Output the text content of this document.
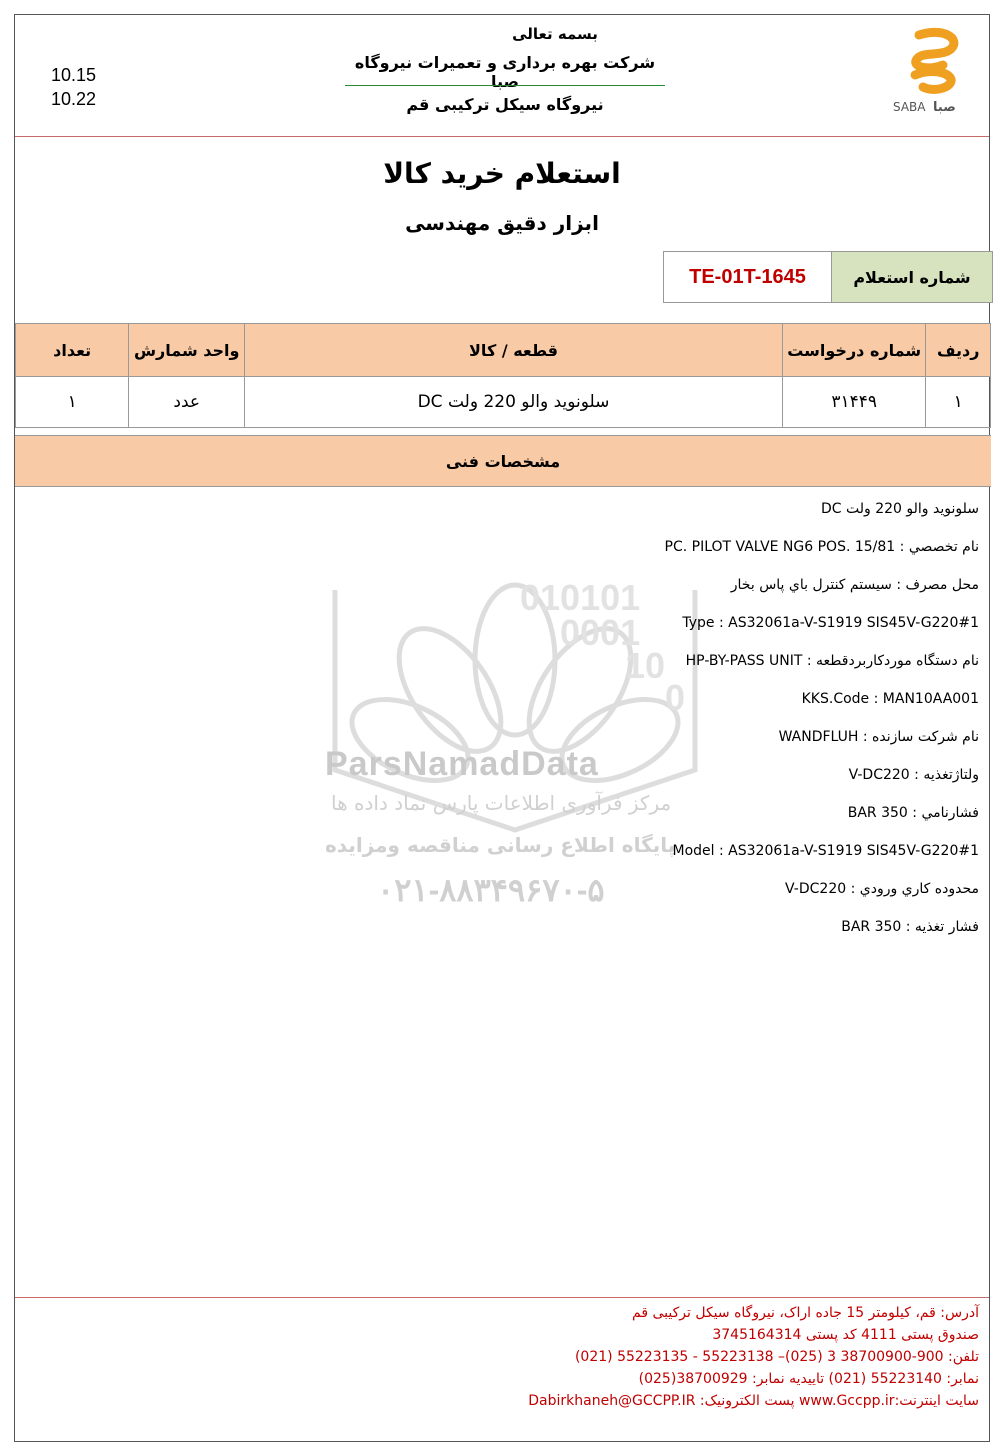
10.15
10.22
بسمه تعالی
شرکت بهره برداری و تعمیرات نیروگاه صبا
نیروگاه سیکل ترکیبی قم	SABA صبا
استعلام خرید کالا
ابزار دقیق مهندسی
TE-01T-1645	شماره استعلام
تعداد	واحد شمارش	قطعه / کالا	شماره درخواست	ردیف
۱	عدد	سلونوید والو 220 ولت DC	۳۱۴۴۹	۱
مشخصات فنی
010101
0001
10
0
ParsNamadData
مرکز فرآوری اطلاعات پارس نماد داده ها
پایگاه اطلاع رسانی مناقصه ومزایده
۰۲۱-۸۸۳۴۹۶۷۰-۵
سلونوید والو 220 ولت DC
نام تخصصي : PC. PILOT VALVE NG6 POS. 15/81
محل مصرف : سيستم كنترل باي پاس بخار
Type : AS32061a-V-S1919 SIS45V-G220#1
نام دستگاه موردکاربردقطعه : HP-BY-PASS UNIT
KKS.Code : MAN10AA001
نام شرکت سازنده : WANDFLUH
ولتاژتغذيه : V-DC220
فشارنامي : BAR 350
Model : AS32061a-V-S1919 SIS45V-G220#1
محدوده كاري ورودي : V-DC220
فشار تغذيه : BAR 350
آدرس: قم، کیلومتر 15 جاده اراک، نیروگاه سیکل ترکیبی قم
صندوق پستی 4111 کد پستی 3745164314
تلفن: 900-38700900 3 (025)– 55223138 - 55223135 (021)
نمابر: 55223140 (021) تاییدیه نمابر: 38700929(025)
سایت اینترنت:www.Gccpp.ir پست الکترونیک: Dabirkhaneh@GCCPP.IR
